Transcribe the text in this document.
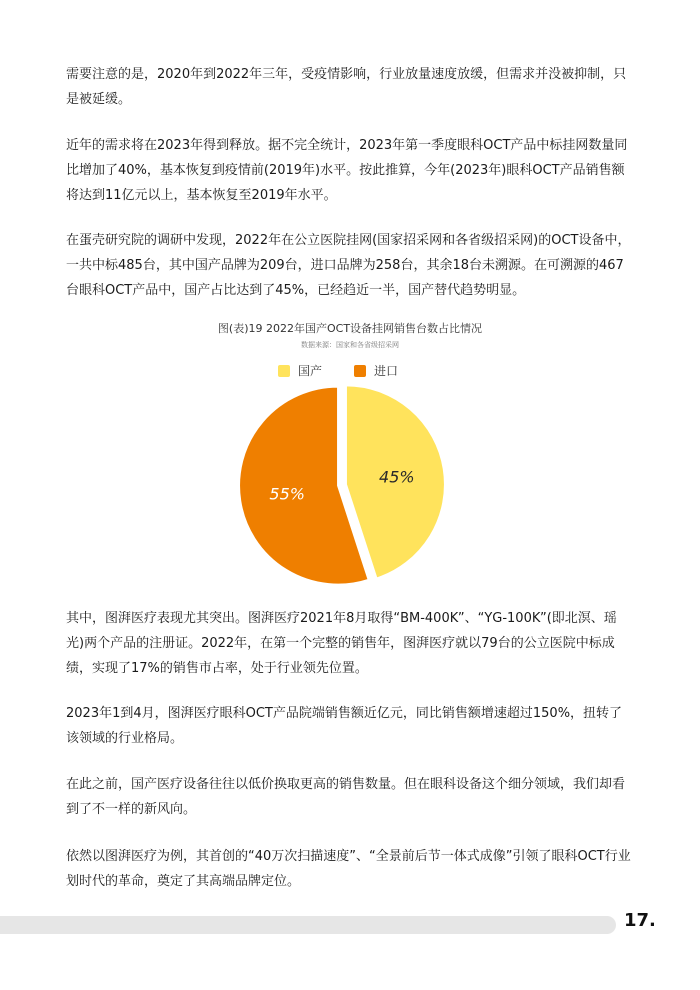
需要注意的是，2020年到2022年三年，受疫情影响，行业放量速度放缓，但需求并没被抑制，只是被延缓。

近年的需求将在2023年得到释放。据不完全统计，2023年第一季度眼科OCT产品中标挂网数量同比增加了40%，基本恢复到疫情前(2019年)水平。按此推算，今年(2023年)眼科OCT产品销售额将达到11亿元以上，基本恢复至2019年水平。

在蛋壳研究院的调研中发现，2022年在公立医院挂网(国家招采网和各省级招采网)的OCT设备中，一共中标485台，其中国产品牌为209台，进口品牌为258台，其余18台未溯源。在可溯源的467台眼科OCT产品中，国产占比达到了45%，已经趋近一半，国产替代趋势明显。

图(表)19 2022年国产OCT设备挂网销售台数占比情况
数据来源：国家和各省级招采网
国产	进口
45%
55%

其中，图湃医疗表现尤其突出。图湃医疗2021年8月取得“BM-400K”、“YG-100K”(即北溟、瑶光)两个产品的注册证。2022年，在第一个完整的销售年，图湃医疗就以79台的公立医院中标成绩，实现了17%的销售市占率，处于行业领先位置。

2023年1到4月，图湃医疗眼科OCT产品院端销售额近亿元，同比销售额增速超过150%，扭转了该领域的行业格局。

在此之前，国产医疗设备往往以低价换取更高的销售数量。但在眼科设备这个细分领域，我们却看到了不一样的新风向。

依然以图湃医疗为例，其首创的“40万次扫描速度”、“全景前后节一体式成像”引领了眼科OCT行业划时代的革命，奠定了其高端品牌定位。

17.
